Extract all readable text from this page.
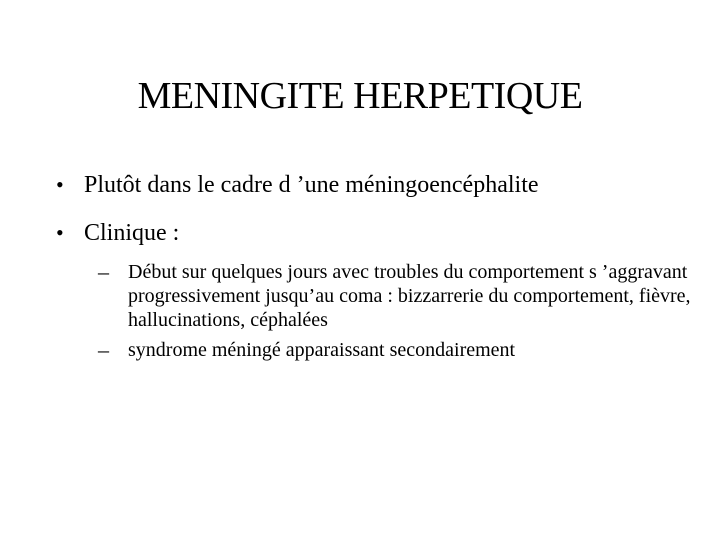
MENINGITE HERPETIQUE
• Plutôt dans le cadre d ’une méningoencéphalite
• Clinique :
– Début sur quelques jours avec troubles du comportement s ’aggravant progressivement jusqu’au coma : bizzarrerie du comportement, fièvre, hallucinations, céphalées
– syndrome méningé apparaissant secondairement
